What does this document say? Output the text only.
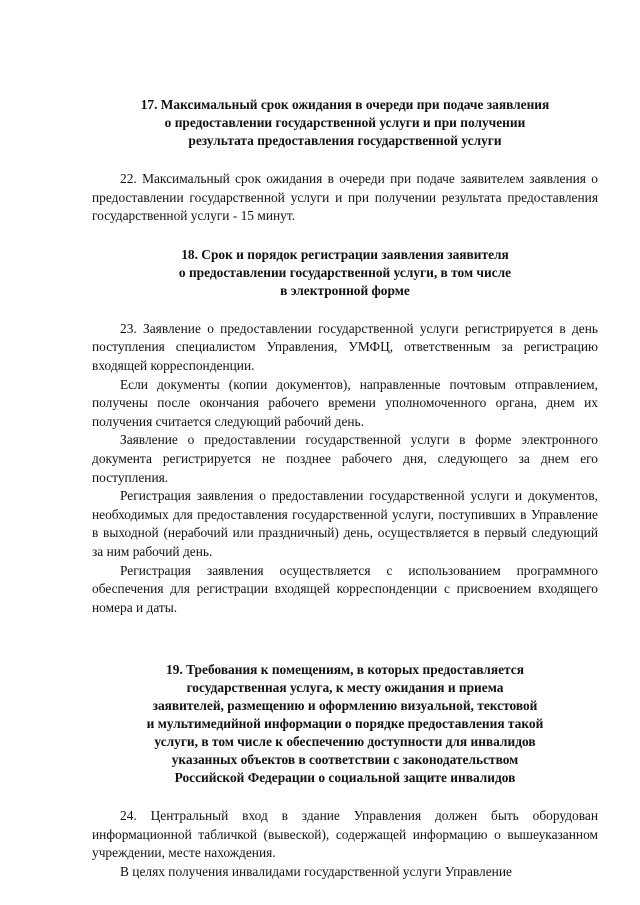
17. Максимальный срок ожидания в очереди при подаче заявления
о предоставлении государственной услуги и при получении
результата предоставления государственной услуги

22. Максимальный срок ожидания в очереди при подаче заявителем заявления о предоставлении государственной услуги и при получении результата предоставления государственной услуги - 15 минут.

18. Срок и порядок регистрации заявления заявителя
о предоставлении государственной услуги, в том числе
в электронной форме

23. Заявление о предоставлении государственной услуги регистрируется в день поступления специалистом Управления, УМФЦ, ответственным за регистрацию входящей корреспонденции.

Если документы (копии документов), направленные почтовым отправлением, получены после окончания рабочего времени уполномоченного органа, днем их получения считается следующий рабочий день.

Заявление о предоставлении государственной услуги в форме электронного документа регистрируется не позднее рабочего дня, следующего за днем его поступления.

Регистрация заявления о предоставлении государственной услуги и документов, необходимых для предоставления государственной услуги, поступивших в Управление в выходной (нерабочий или праздничный) день, осуществляется в первый следующий за ним рабочий день.

Регистрация заявления осуществляется с использованием программного обеспечения для регистрации входящей корреспонденции с присвоением входящего номера и даты.

19. Требования к помещениям, в которых предоставляется
государственная услуга, к месту ожидания и приема
заявителей, размещению и оформлению визуальной, текстовой
и мультимедийной информации о порядке предоставления такой
услуги, в том числе к обеспечению доступности для инвалидов
указанных объектов в соответствии с законодательством
Российской Федерации о социальной защите инвалидов

24. Центральный вход в здание Управления должен быть оборудован информационной табличкой (вывеской), содержащей информацию о вышеуказанном учреждении, месте нахождения.

В целях получения инвалидами государственной услуги Управление
